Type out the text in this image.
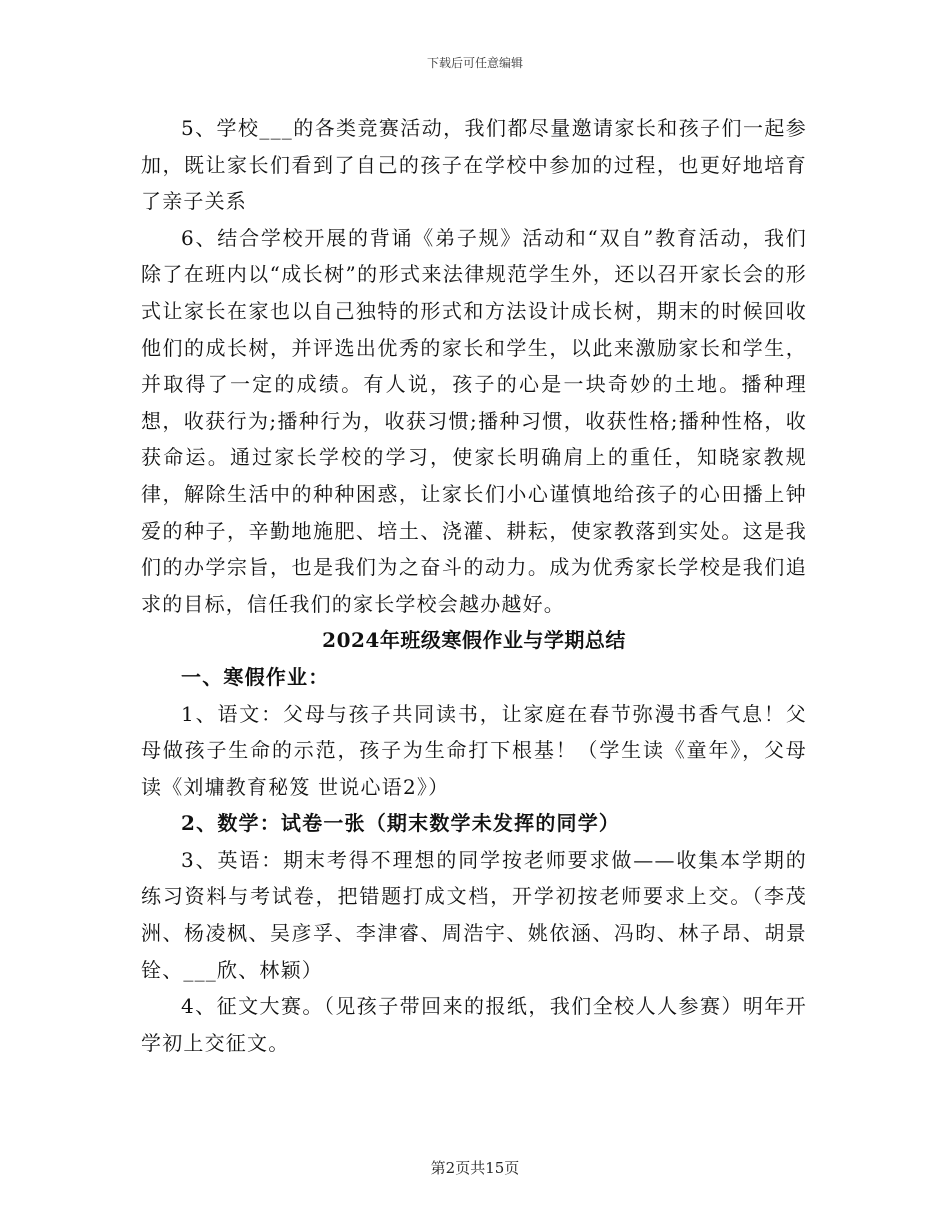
下载后可任意编辑

5、学校___的各类竞赛活动，我们都尽量邀请家长和孩子们一起参加，既让家长们看到了自己的孩子在学校中参加的过程，也更好地培育了亲子关系

6、结合学校开展的背诵《弟子规》活动和“双自”教育活动，我们除了在班内以“成长树”的形式来法律规范学生外，还以召开家长会的形式让家长在家也以自己独特的形式和方法设计成长树，期末的时候回收他们的成长树，并评选出优秀的家长和学生，以此来激励家长和学生，并取得了一定的成绩。有人说，孩子的心是一块奇妙的土地。播种理想，收获行为;播种行为，收获习惯;播种习惯，收获性格;播种性格，收获命运。通过家长学校的学习，使家长明确肩上的重任，知晓家教规律，解除生活中的种种困惑，让家长们小心谨慎地给孩子的心田播上钟爱的种子，辛勤地施肥、培土、浇灌、耕耘，使家教落到实处。这是我们的办学宗旨，也是我们为之奋斗的动力。成为优秀家长学校是我们追求的目标，信任我们的家长学校会越办越好。

2024年班级寒假作业与学期总结

一、寒假作业：

1、语文：父母与孩子共同读书，让家庭在春节弥漫书香气息！父母做孩子生命的示范，孩子为生命打下根基！（学生读《童年》，父母读《刘墉教育秘笈 世说心语2》）

2、数学：试卷一张（期末数学未发挥的同学）

3、英语：期末考得不理想的同学按老师要求做——收集本学期的练习资料与考试卷，把错题打成文档，开学初按老师要求上交。（李茂洲、杨凌枫、吴彦孚、李津睿、周浩宇、姚依涵、冯昀、林子昂、胡景铨、___欣、林颖）

4、征文大赛。（见孩子带回来的报纸，我们全校人人参赛）明年开学初上交征文。

第2页共15页
